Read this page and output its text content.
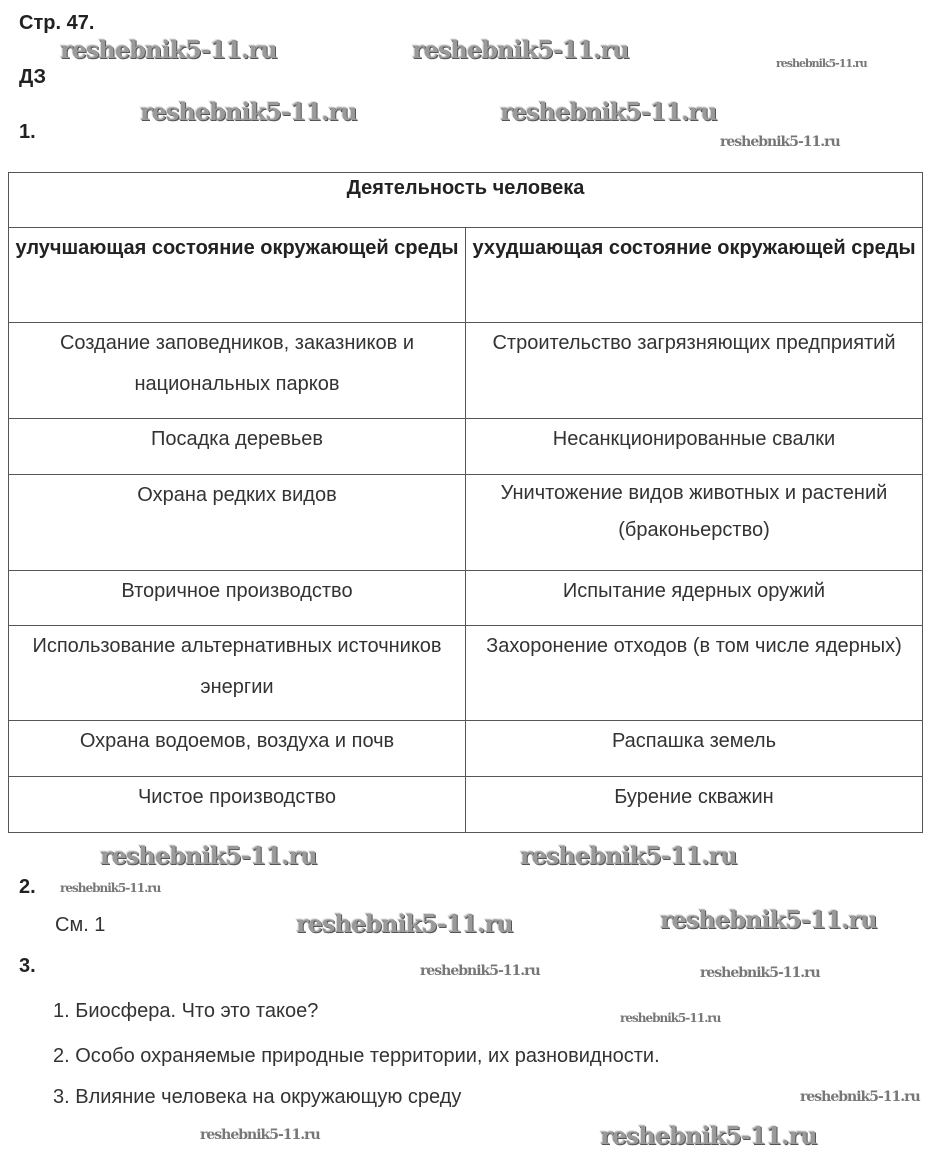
Стр. 47.
ДЗ
1.
Деятельность человека	
улучшающая состояние окружающей среды	ухудшающая состояние окружающей среды
Создание заповедников, заказников и национальных парков	Строительство загрязняющих предприятий
Посадка деревьев	Несанкционированные свалки
Охрана редких видов	Уничтожение видов животных и растений (браконьерство)
Вторичное производство	Испытание ядерных оружий
Использование альтернативных источников энергии	Захоронение отходов (в том числе ядерных)
Охрана водоемов, воздуха и почв	Распашка земель
Чистое производство	Бурение скважин
2.
См. 1
3.
1. Биосфера. Что это такое?
2. Особо охраняемые природные территории, их разновидности.
3. Влияние человека на окружающую среду
reshebnik5-11.ru	reshebnik5-11.ru	reshebnik5-11.ru
reshebnik5-11.ru	reshebnik5-11.ru
reshebnik5-11.ru
reshebnik5-11.ru	reshebnik5-11.ru
reshebnik5-11.ru	reshebnik5-11.ru
reshebnik5-11.ru
reshebnik5-11.ru
reshebnik5-11.ru	reshebnik5-11.ru
reshebnik5-11.ru
reshebnik5-11.ru
reshebnik5-11.ru
